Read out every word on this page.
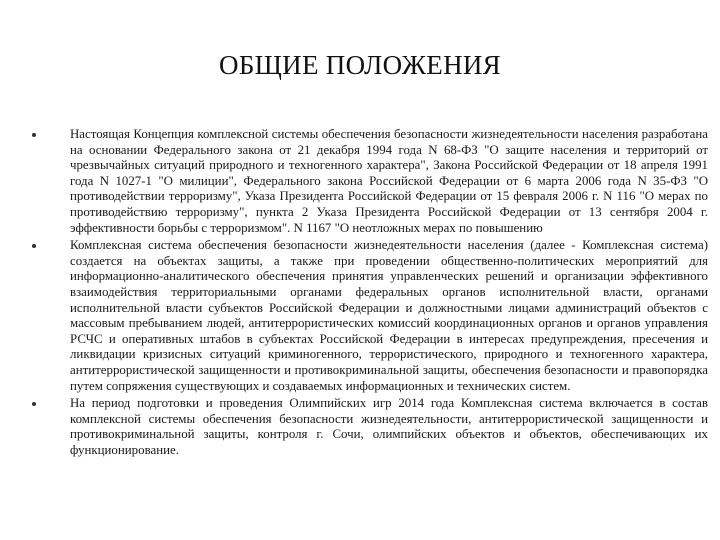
ОБЩИЕ ПОЛОЖЕНИЯ
Настоящая Концепция комплексной системы обеспечения безопасности жизнедеятельности населения разработана на основании Федерального закона от 21 декабря 1994 года N 68-ФЗ "О защите населения и территорий от чрезвычайных ситуаций природного и техногенного характера", Закона Российской Федерации от 18 апреля 1991 года N 1027-1 "О милиции", Федерального закона Российской Федерации от 6 марта 2006 года N 35-ФЗ "О противодействии терроризму", Указа Президента Российской Федерации от 15 февраля 2006 г. N 116 "О мерах по противодействию терроризму", пункта 2 Указа Президента Российской Федерации от 13 сентября 2004 г. эффективности борьбы с терроризмом". N 1167 "О неотложных мерах по повышению
Комплексная система обеспечения безопасности жизнедеятельности населения (далее - Комплексная система) создается на объектах защиты, а также при проведении общественно-политических мероприятий для информационно-аналитического обеспечения принятия управленческих решений и организации эффективного взаимодействия территориальными органами федеральных органов исполнительной власти, органами исполнительной власти субъектов Российской Федерации и должностными лицами администраций объектов с массовым пребыванием людей, антитеррористических комиссий координационных органов и органов управления РСЧС и оперативных штабов в субъектах Российской Федерации в интересах предупреждения, пресечения и ликвидации кризисных ситуаций криминогенного, террористического, природного и техногенного характера, антитеррористической защищенности и противокриминальной защиты, обеспечения безопасности и правопорядка путем сопряжения существующих и создаваемых информационных и технических систем.
На период подготовки и проведения Олимпийских игр 2014 года Комплексная система включается в состав комплексной системы обеспечения безопасности жизнедеятельности, антитеррористической защищенности и противокриминальной защиты, контроля г. Сочи, олимпийских объектов и объектов, обеспечивающих их функционирование.
